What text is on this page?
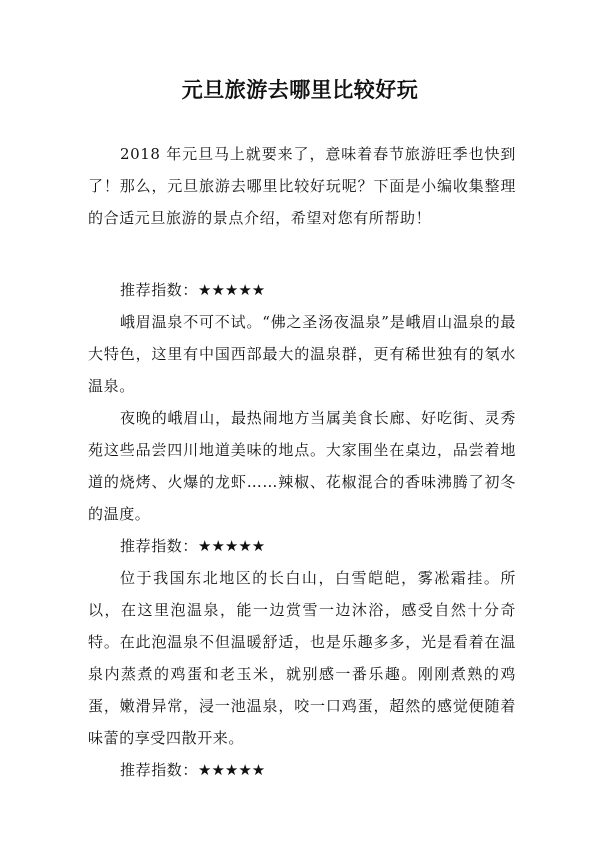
元旦旅游去哪里比较好玩

2018 年元旦马上就要来了，意味着春节旅游旺季也快到了！那么，元旦旅游去哪里比较好玩呢？下面是小编收集整理的合适元旦旅游的景点介绍，希望对您有所帮助！

推荐指数：★★★★★

峨眉温泉不可不试。“佛之圣汤夜温泉”是峨眉山温泉的最大特色，这里有中国西部最大的温泉群，更有稀世独有的氡水温泉。

夜晚的峨眉山，最热闹地方当属美食长廊、好吃街、灵秀苑这些品尝四川地道美味的地点。大家围坐在桌边，品尝着地道的烧烤、火爆的龙虾……辣椒、花椒混合的香味沸腾了初冬的温度。

推荐指数：★★★★★

位于我国东北地区的长白山，白雪皑皑，雾凇霜挂。所以，在这里泡温泉，能一边赏雪一边沐浴，感受自然十分奇特。在此泡温泉不但温暖舒适，也是乐趣多多，光是看着在温泉内蒸煮的鸡蛋和老玉米，就别感一番乐趣。刚刚煮熟的鸡蛋，嫩滑异常，浸一池温泉，咬一口鸡蛋，超然的感觉便随着味蕾的享受四散开来。

推荐指数：★★★★★
